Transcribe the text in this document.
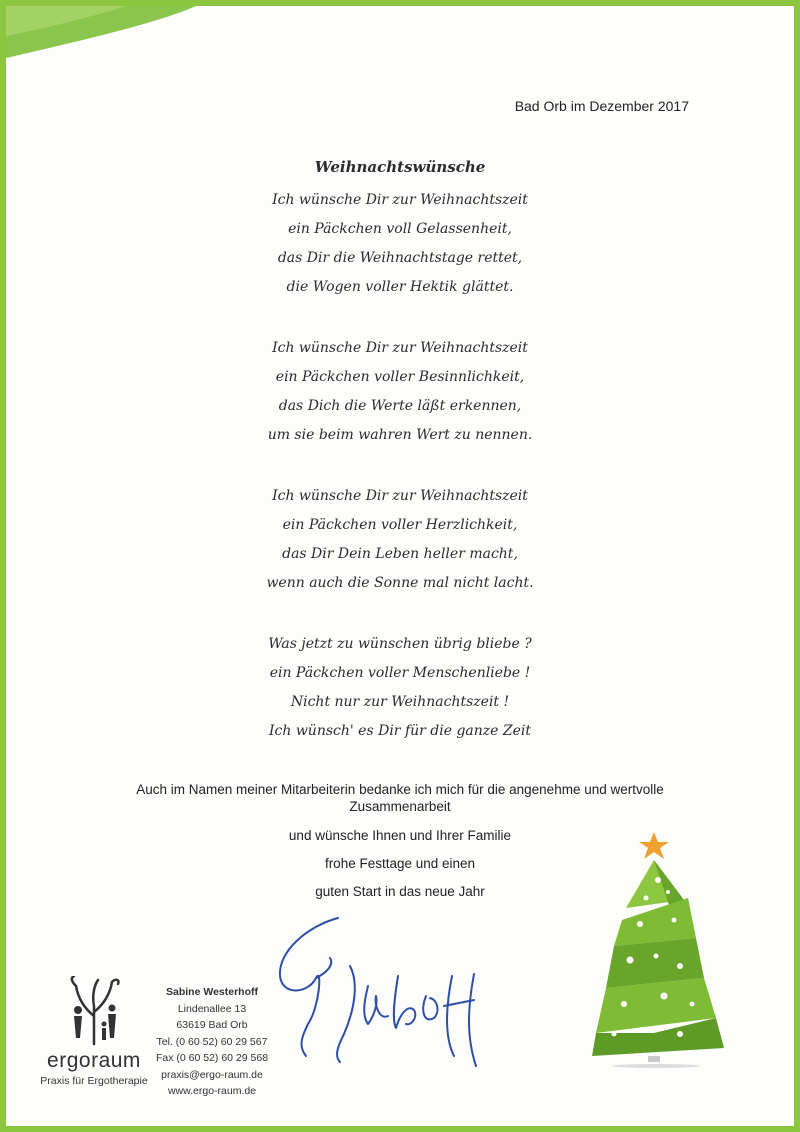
Bad Orb im Dezember 2017
Weihnachtswünsche
Ich wünsche Dir zur Weihnachtszeit
ein Päckchen voll Gelassenheit,
das Dir die Weihnachtstage rettet,
die Wogen voller Hektik glättet.
Ich wünsche Dir zur Weihnachtszeit
ein Päckchen voller Besinnlichkeit,
das Dich die Werte läßt erkennen,
um sie beim wahren Wert zu nennen.
Ich wünsche Dir zur Weihnachtszeit
ein Päckchen voller Herzlichkeit,
das Dir Dein Leben heller macht,
wenn auch die Sonne mal nicht lacht.
Was jetzt zu wünschen übrig bliebe ?
ein Päckchen voller Menschenliebe !
Nicht nur zur Weihnachtszeit !
Ich wünsch' es Dir für die ganze Zeit
Auch im Namen meiner Mitarbeiterin bedanke ich mich für die angenehme und wertvolle Zusammenarbeit
und wünsche Ihnen und Ihrer Familie
frohe Festtage und einen
guten Start in das neue Jahr
ergoraum
Praxis für Ergotherapie
Sabine Westerhoff
Lindenallee 13
63619 Bad Orb
Tel. (0 60 52) 60 29 567
Fax (0 60 52) 60 29 568
praxis@ergo-raum.de
www.ergo-raum.de
